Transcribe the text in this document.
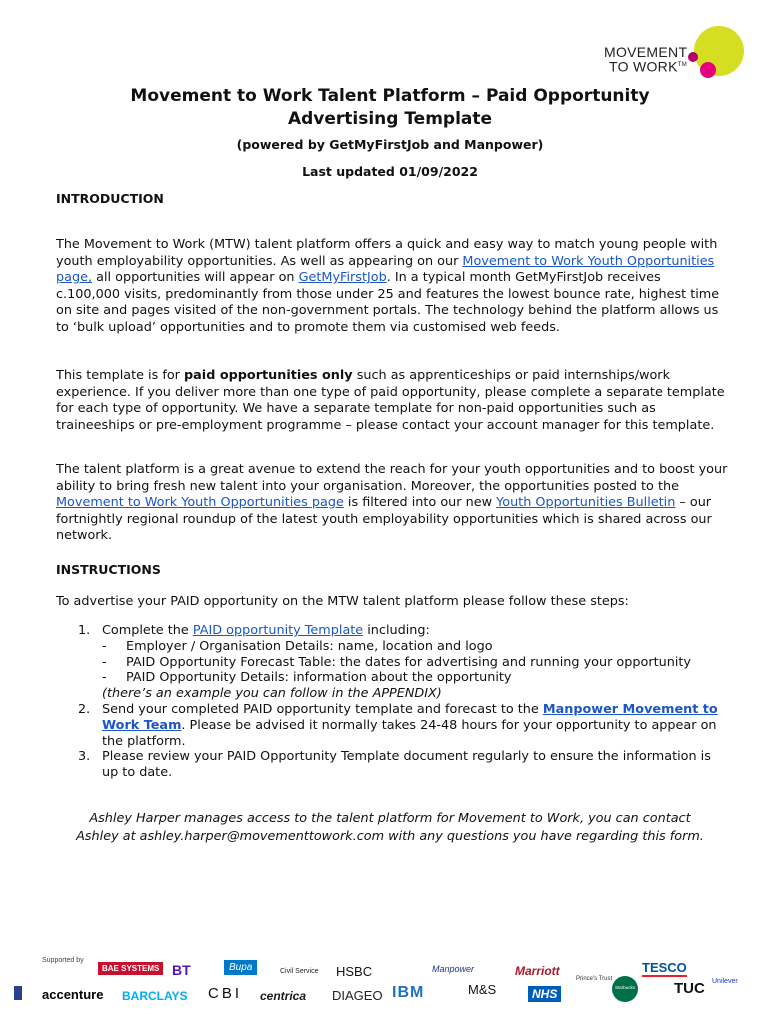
MOVEMENT
TO WORK™
Movement to Work Talent Platform – Paid Opportunity
Advertising Template
(powered by GetMyFirstJob and Manpower)
Last updated 01/09/2022
INTRODUCTION
The Movement to Work (MTW) talent platform offers a quick and easy way to match young people with youth employability opportunities. As well as appearing on our Movement to Work Youth Opportunities page, all opportunities will appear on GetMyFirstJob. In a typical month GetMyFirstJob receives c.100,000 visits, predominantly from those under 25 and features the lowest bounce rate, highest time on site and pages visited of the non-government portals. The technology behind the platform allows us to ‘bulk upload’ opportunities and to promote them via customised web feeds.
This template is for paid opportunities only such as apprenticeships or paid internships/work experience. If you deliver more than one type of paid opportunity, please complete a separate template for each type of opportunity. We have a separate template for non-paid opportunities such as traineeships or pre-employment programme – please contact your account manager for this template.
The talent platform is a great avenue to extend the reach for your youth opportunities and to boost your ability to bring fresh new talent into your organisation. Moreover, the opportunities posted to the Movement to Work Youth Opportunities page is filtered into our new Youth Opportunities Bulletin – our fortnightly regional roundup of the latest youth employability opportunities which is shared across our network.
INSTRUCTIONS
To advertise your PAID opportunity on the MTW talent platform please follow these steps:
1. Complete the PAID opportunity Template including:
- Employer / Organisation Details: name, location and logo
- PAID Opportunity Forecast Table: the dates for advertising and running your opportunity
- PAID Opportunity Details: information about the opportunity
(there’s an example you can follow in the APPENDIX)
2. Send your completed PAID opportunity template and forecast to the Manpower Movement to Work Team. Please be advised it normally takes 24-48 hours for your opportunity to appear on the platform.
3. Please review your PAID Opportunity Template document regularly to ensure the information is up to date.
Ashley Harper manages access to the talent platform for Movement to Work, you can contact Ashley at ashley.harper@movementtowork.com with any questions you have regarding this form.
Supported by
BAE SYSTEMS BT	Bupa	Civil Service HSBC	Manpower	Marriott
Prince's Trust
TESCO
Unilever
accenture BARCLAYS CBI centrica DIAGEO IBM	M&S	NHS	Starbucks	TUC
